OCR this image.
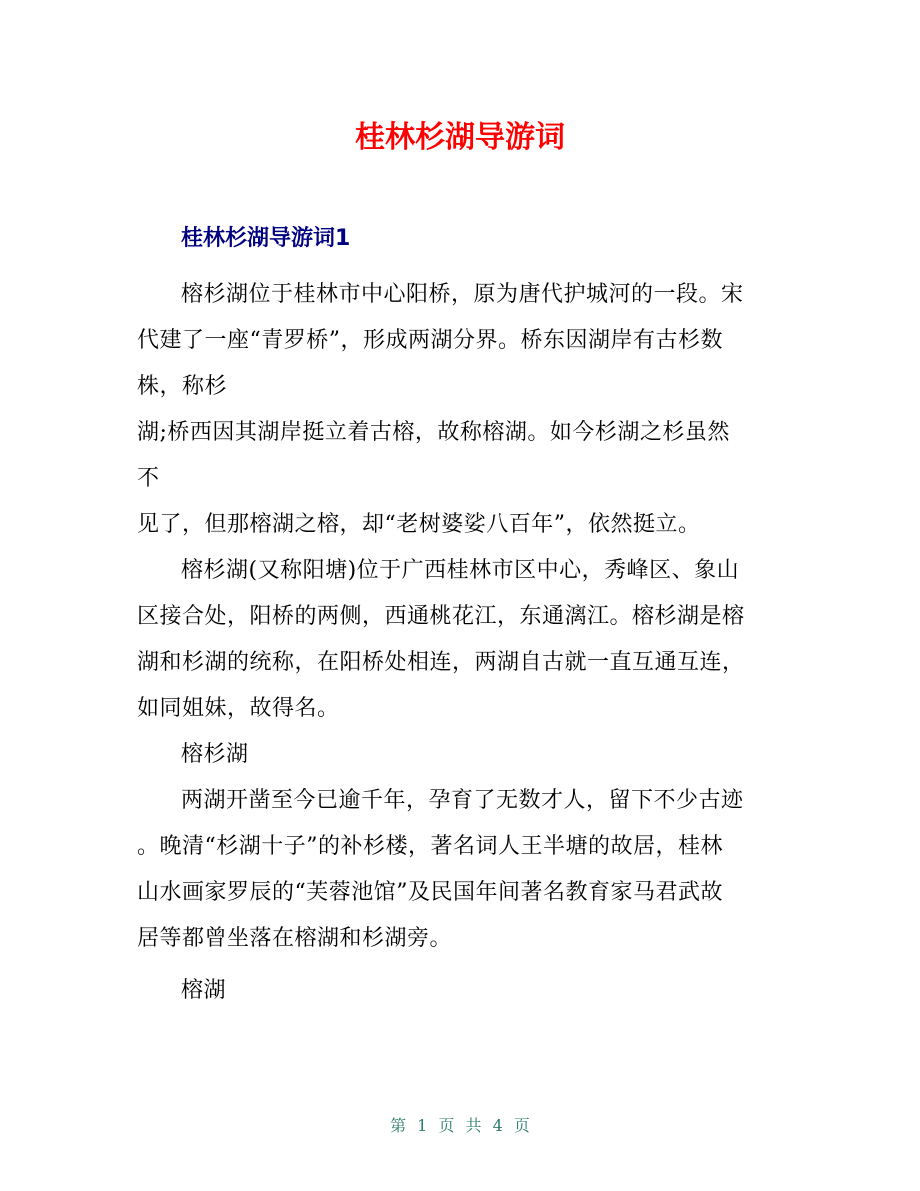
桂林杉湖导游词
桂林杉湖导游词1

榕杉湖位于桂林市中心阳桥，原为唐代护城河的一段。宋
代建了一座“青罗桥”，形成两湖分界。桥东因湖岸有古杉数
株，称杉

湖;桥西因其湖岸挺立着古榕，故称榕湖。如今杉湖之杉虽然
不

见了，但那榕湖之榕，却“老树婆娑八百年”，依然挺立。

榕杉湖(又称阳塘)位于广西桂林市区中心，秀峰区、象山
区接合处，阳桥的两侧，西通桃花江，东通漓江。榕杉湖是榕
湖和杉湖的统称，在阳桥处相连，两湖自古就一直互通互连，
如同姐妹，故得名。

榕杉湖

两湖开凿至今已逾千年，孕育了无数才人，留下不少古迹
。晚清“杉湖十子”的补杉楼，著名词人王半塘的故居，桂林
山水画家罗辰的“芙蓉池馆”及民国年间著名教育家马君武故
居等都曾坐落在榕湖和杉湖旁。

榕湖

第 1 页 共 4 页
